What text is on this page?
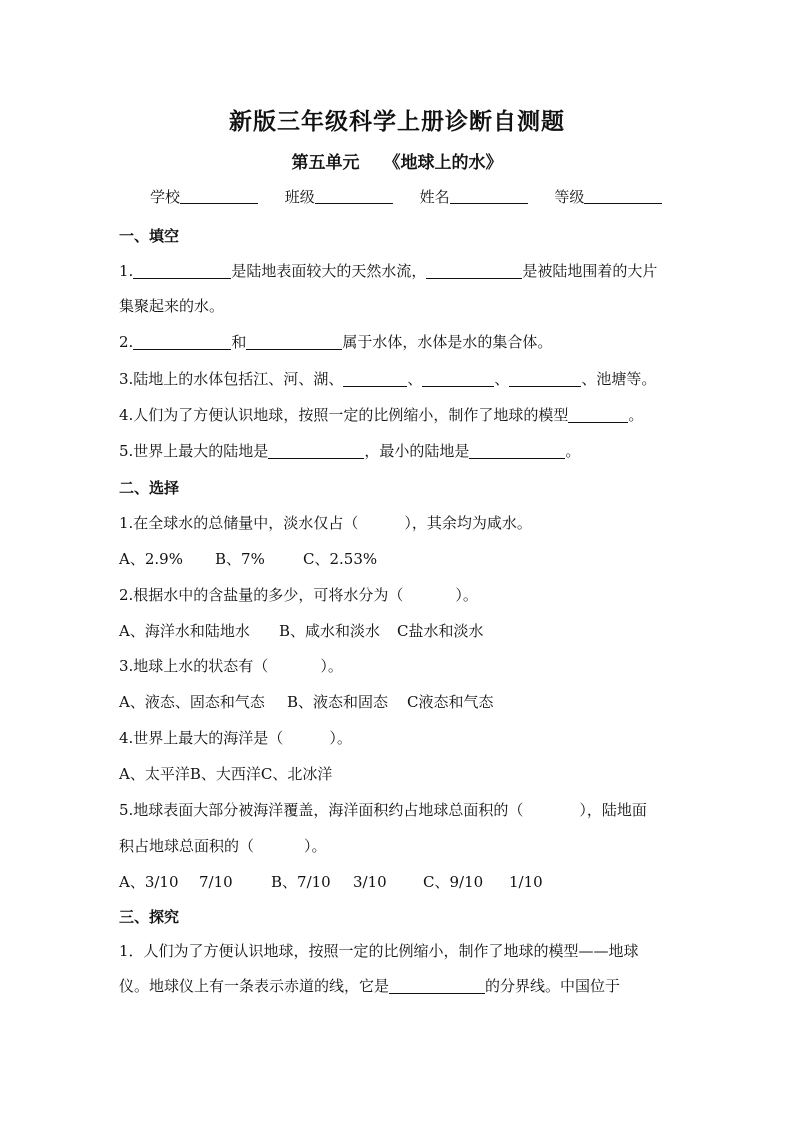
新版三年级科学上册诊断自测题
第五单元 《地球上的水》
学校	班级	姓名	等级
一、填空
1.	是陆地表面较大的天然水流，	是被陆地围着的大片
集聚起来的水。
2.	和	属于水体，水体是水的集合体。
3.陆地上的水体包括江、河、湖、	、	、	、池塘等。
4.人们为了方便认识地球，按照一定的比例缩小，制作了地球的模型	。
5.世界上最大的陆地是	，最小的陆地是	。
二、选择
1.在全球水的总储量中，淡水仅占（	），其余均为咸水。
A、2.9% B、7%	C、2.53%
2.根据水中的含盐量的多少，可将水分为（	）。
A、海洋水和陆地水 B、咸水和淡水 C盐水和淡水
3.地球上水的状态有（	）。
A、液态、固态和气态 B、液态和固态 C液态和气态
4.世界上最大的海洋是（	）。
A、太平洋B、大西洋C、北冰洋
5.地球表面大部分被海洋覆盖，海洋面积约占地球总面积的（	），陆地面
积占地球总面积的（	）。
A、3/10 7/10	B、7/10 3/10 C、9/10 1/10
三、探究
1．人们为了方便认识地球，按照一定的比例缩小，制作了地球的模型——地球
仪。地球仪上有一条表示赤道的线，它是	的分界线。中国位于
